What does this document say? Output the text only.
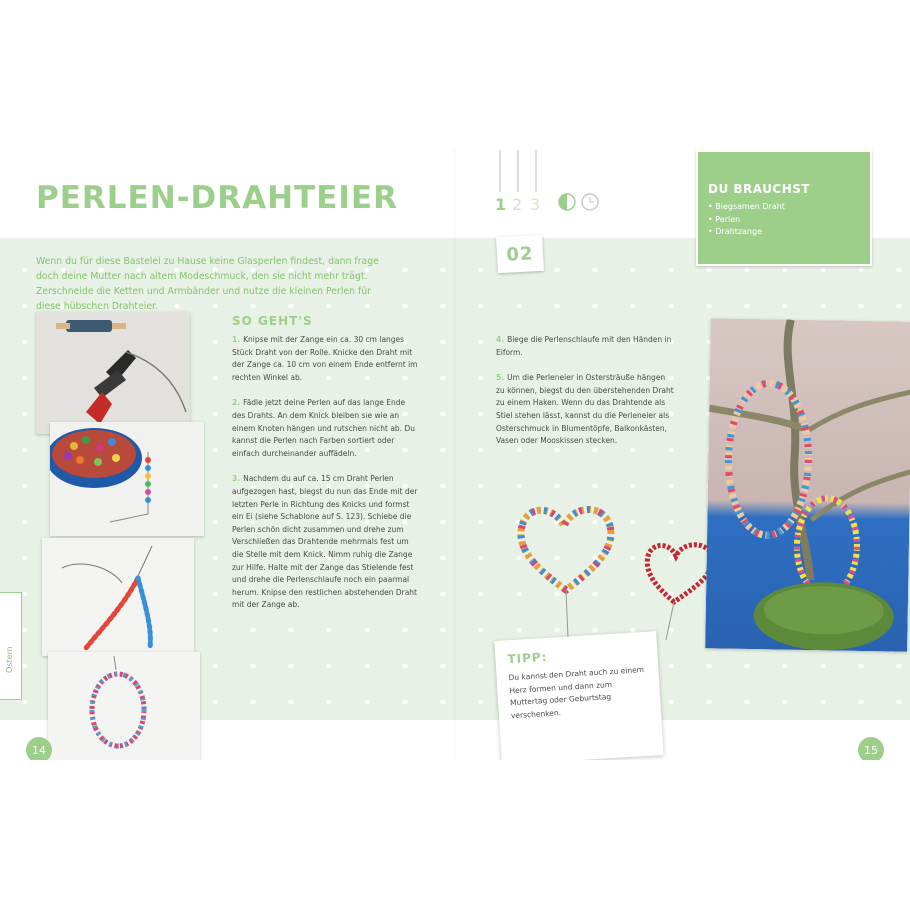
PERLEN-DRAHTEIER

Wenn du für diese Bastelei zu Hause keine Glasperlen findest, dann frage doch deine Mutter nach altem Modeschmuck, den sie nicht mehr trägt. Zerschneide die Ketten und Armbänder und nutze die kleinen Perlen für diese hübschen Drahteier.

SO GEHT'S

1. Knipse mit der Zange ein ca. 30 cm langes Stück Draht von der Rolle. Knicke den Draht mit der Zange ca. 10 cm von einem Ende entfernt im rechten Winkel ab.

2. Fädle jetzt deine Perlen auf das lange Ende des Drahts. An dem Knick bleiben sie wie an einem Knoten hängen und rutschen nicht ab. Du kannst die Perlen nach Farben sortiert oder einfach durcheinander auffädeln.

3. Nachdem du auf ca. 15 cm Draht Perlen aufgezogen hast, biegst du nun das Ende mit der letzten Perle in Richtung des Knicks und formst ein Ei (siehe Schablone auf S. 123). Schiebe die Perlen schön dicht zusammen und drehe zum Verschließen das Drahtende mehrmals fest um die Stelle mit dem Knick. Nimm ruhig die Zange zur Hilfe. Halte mit der Zange das Stielende fest und drehe die Perlenschlaufe noch ein paarmal herum. Knipse den restlichen abstehenden Draht mit der Zange ab.

Ostern
14
1 2 3
DU BRAUCHST
• Biegsamen Draht
• Perlen
• Drahtzange
02

4. Biege die Perlenschlaufe mit den Händen in Eiform.

5. Um die Perleneier in Ostersträuße hängen zu können, biegst du den überstehenden Draht zu einem Haken. Wenn du das Drahtende als Stiel stehen lässt, kannst du die Perleneier als Osterschmuck in Blumentöpfe, Balkonkästen, Vasen oder Mooskissen stecken.

TIPP:
Du kannst den Draht auch zu einem Herz formen und dann zum Muttertag oder Geburtstag verschenken.
15
